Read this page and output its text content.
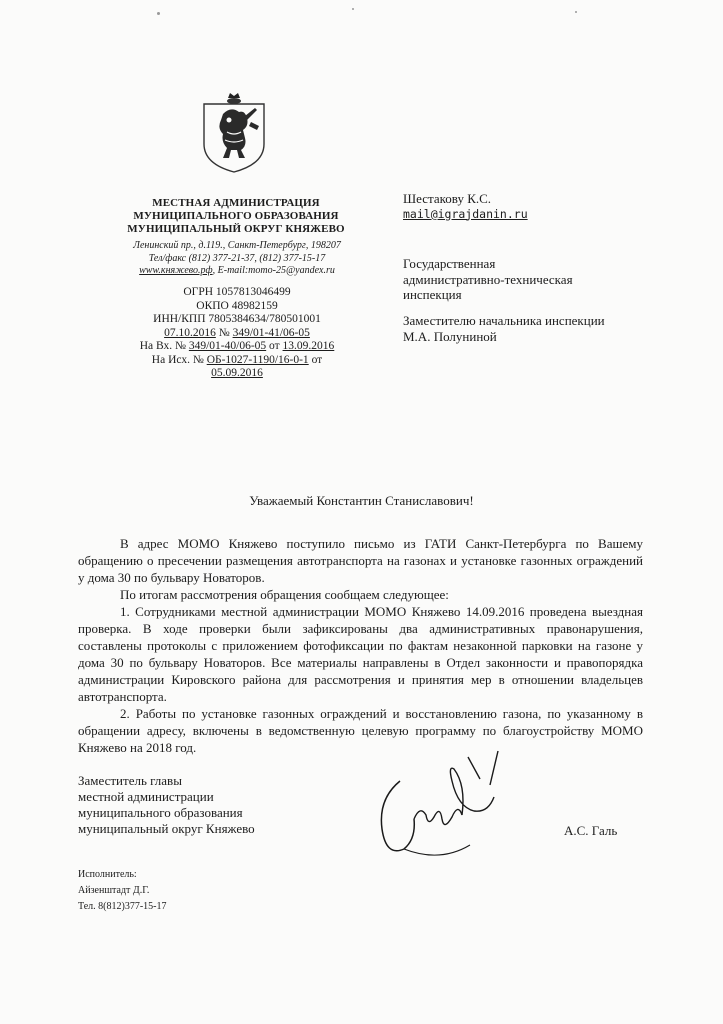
МЕСТНАЯ АДМИНИСТРАЦИЯ
МУНИЦИПАЛЬНОГО ОБРАЗОВАНИЯ
МУНИЦИПАЛЬНЫЙ ОКРУГ КНЯЖЕВО
Ленинский пр., д.119., Санкт-Петербург, 198207
Тел/факс (812) 377-21-37, (812) 377-15-17
www.княжево.рф, E-mail:momo-25@yandex.ru
ОГРН 1057813046499
ОКПО 48982159
ИНН/КПП 7805384634/780501001
07.10.2016 № 349/01-41/06-05
На Вх. № 349/01-40/06-05 от 13.09.2016
На Исх. № ОБ-1027-1190/16-0-1 от
05.09.2016
Шестакову К.С.
mail@igrajdanin.ru
Государственная
административно-техническая
инспекция
Заместителю начальника инспекции
М.А. Полуниной
Уважаемый Константин Станиславович!

В адрес МОМО Княжево поступило письмо из ГАТИ Санкт-Петербурга по Вашему обращению о пресечении размещения автотранспорта на газонах и установке газонных ограждений у дома 30 по бульвару Новаторов.

По итогам рассмотрения обращения сообщаем следующее:

1. Сотрудниками местной администрации МОМО Княжево 14.09.2016 проведена выездная проверка. В ходе проверки были зафиксированы два административных правонарушения, составлены протоколы с приложением фотофиксации по фактам незаконной парковки на газоне у дома 30 по бульвару Новаторов. Все материалы направлены в Отдел законности и правопорядка администрации Кировского района для рассмотрения и принятия мер в отношении владельцев автотранспорта.

2. Работы по установке газонных ограждений и восстановлению газона, по указанному в обращении адресу, включены в ведомственную целевую программу по благоустройству МОМО Княжево на 2018 год.

Заместитель главы
местной администрации
муниципального образования
муниципальный округ Княжево	А.С. Галь
Исполнитель:
Айзенштадт Д.Г.
Тел. 8(812)377-15-17
